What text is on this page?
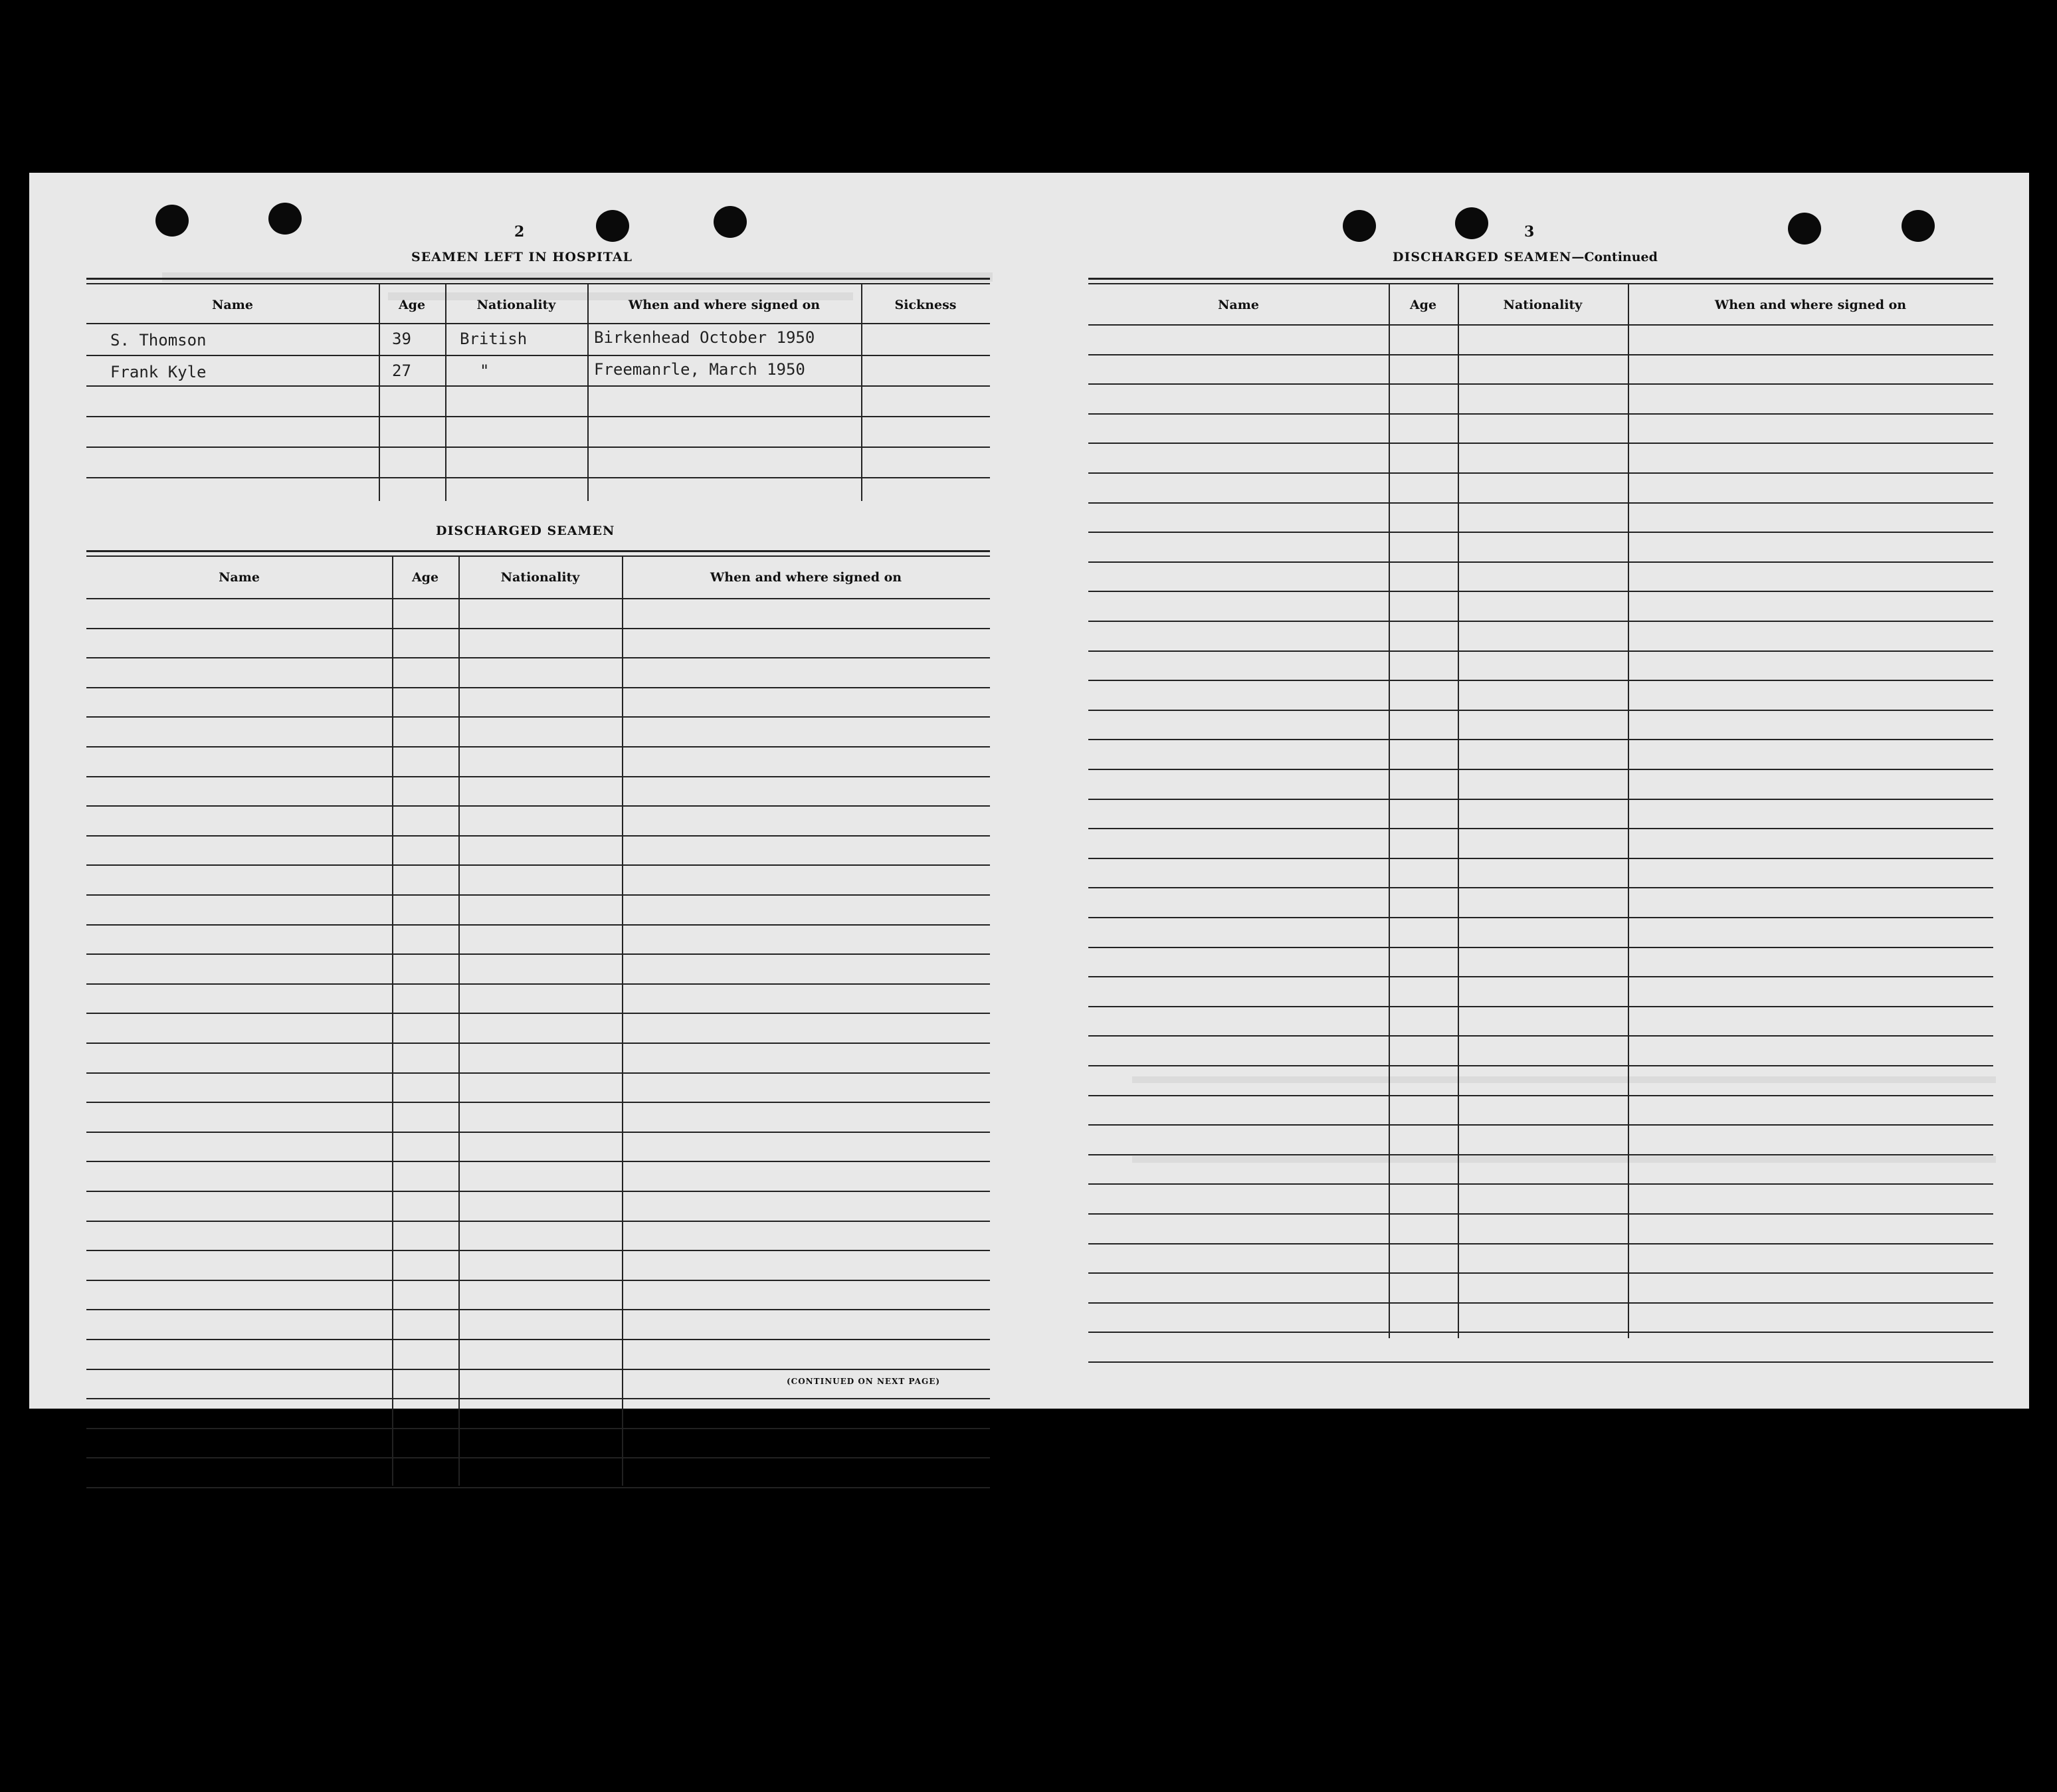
2
SEAMEN LEFT IN HOSPITAL
Name	Age	Nationality	When and where signed on	Sickness
S. Thomson	39	British	Birkenhead October 1950
Frank Kyle	27	"	Freemanrle, March 1950
DISCHARGED SEAMEN
Name	Age	Nationality	When and where signed on
(CONTINUED ON NEXT PAGE)
3
DISCHARGED SEAMEN—Continued
Name	Age	Nationality	When and where signed on
